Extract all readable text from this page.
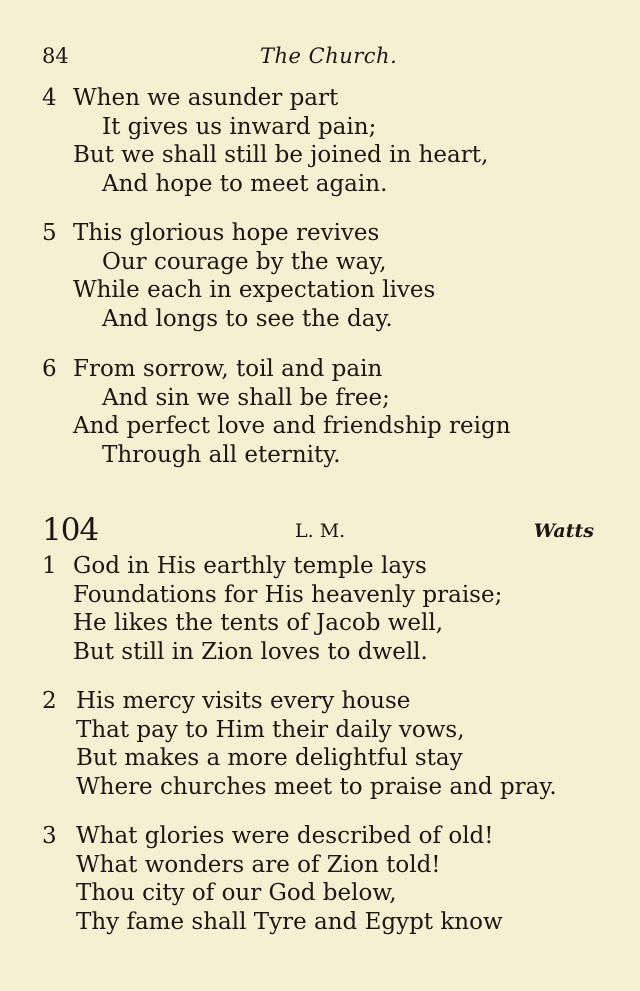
84	The Church.
4 When we asunder part
It gives us inward pain;
But we shall still be joined in heart,
And hope to meet again.
5 This glorious hope revives
Our courage by the way,
While each in expectation lives
And longs to see the day.
6 From sorrow, toil and pain
And sin we shall be free;
And perfect love and friendship reign
Through all eternity.
104	L. M.	Watts
1 God in His earthly temple lays
Foundations for His heavenly praise;
He likes the tents of Jacob well,
But still in Zion loves to dwell.
2 His mercy visits every house
That pay to Him their daily vows,
But makes a more delightful stay
Where churches meet to praise and pray.
3 What glories were described of old!
What wonders are of Zion told!
Thou city of our God below,
Thy fame shall Tyre and Egypt know
